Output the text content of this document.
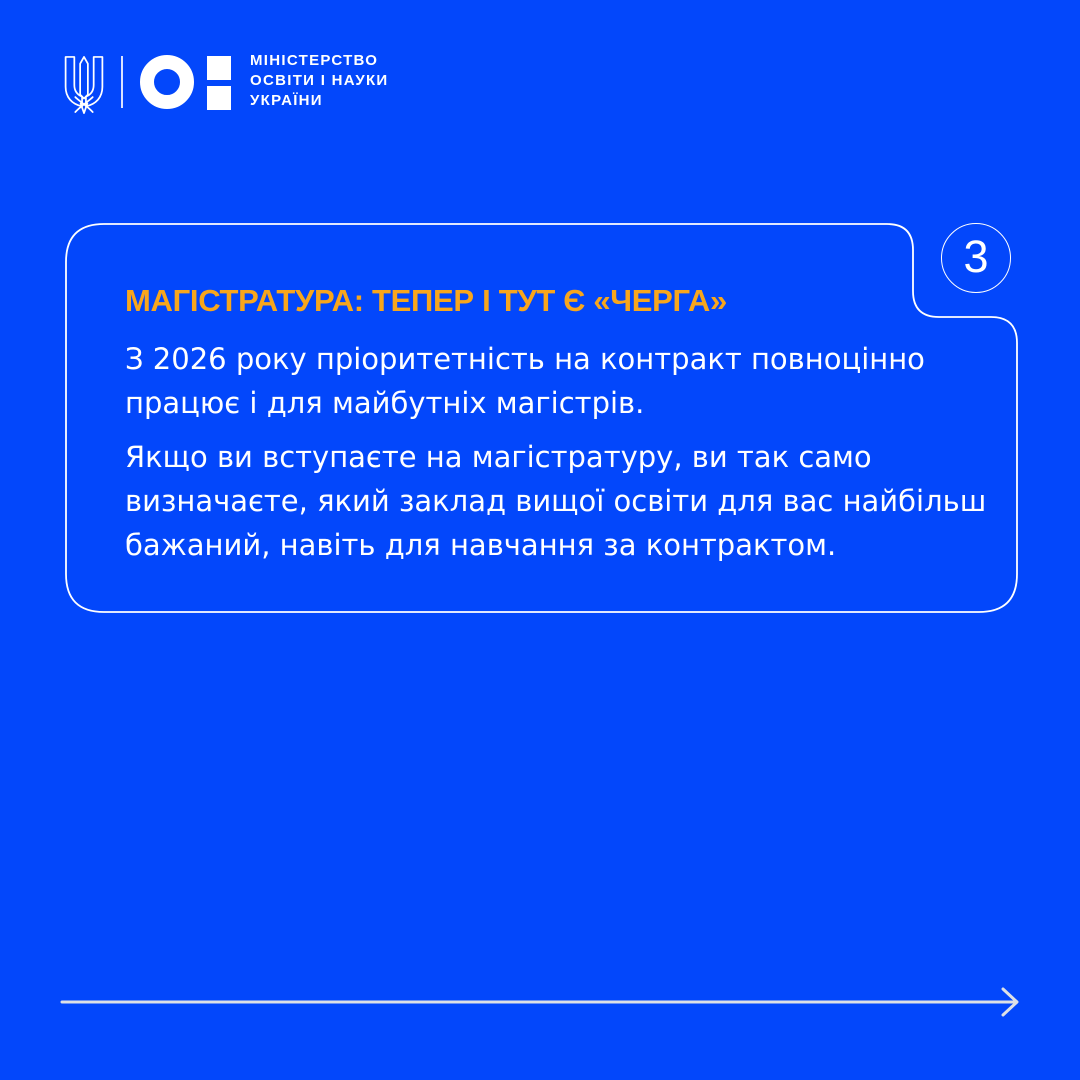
МІНІСТЕРСТВО
ОСВІТИ І НАУКИ
УКРАЇНИ
3
МАГІСТРАТУРА: ТЕПЕР І ТУТ Є «ЧЕРГА»

З 2026 року пріоритетність на контракт повноцінно працює і для майбутніх магістрів.

Якщо ви вступаєте на магістратуру, ви так само визначаєте, який заклад вищої освіти для вас найбільш бажаний, навіть для навчання за контрактом.
